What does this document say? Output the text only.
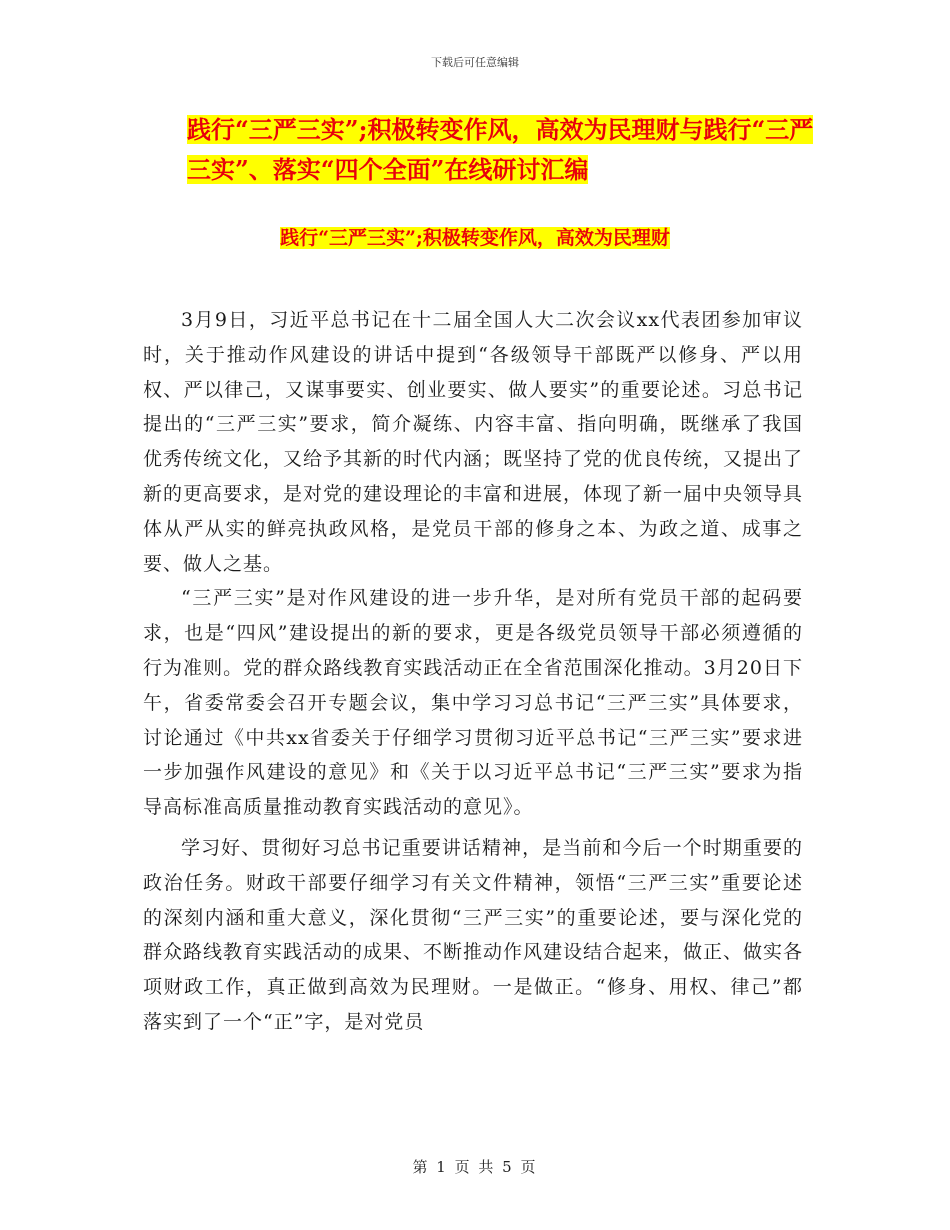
下载后可任意编辑
践行“三严三实”;积极转变作风，高效为民理财与践行“三严三实”、落实“四个全面”在线研讨汇编
践行“三严三实”;积极转变作风，高效为民理财

3月9日，习近平总书记在十二届全国人大二次会议xx代表团参加审议时，关于推动作风建设的讲话中提到“各级领导干部既严以修身、严以用权、严以律己，又谋事要实、创业要实、做人要实”的重要论述。习总书记提出的“三严三实”要求，简介凝练、内容丰富、指向明确，既继承了我国优秀传统文化，又给予其新的时代内涵；既坚持了党的优良传统，又提出了新的更高要求，是对党的建设理论的丰富和进展，体现了新一届中央领导具体从严从实的鲜亮执政风格，是党员干部的修身之本、为政之道、成事之要、做人之基。

“三严三实”是对作风建设的进一步升华，是对所有党员干部的起码要求，也是“四风”建设提出的新的要求，更是各级党员领导干部必须遵循的行为准则。党的群众路线教育实践活动正在全省范围深化推动。3月20日下午，省委常委会召开专题会议，集中学习习总书记“三严三实”具体要求，讨论通过《中共xx省委关于仔细学习贯彻习近平总书记“三严三实”要求进一步加强作风建设的意见》和《关于以习近平总书记“三严三实”要求为指导高标准高质量推动教育实践活动的意见》。

学习好、贯彻好习总书记重要讲话精神，是当前和今后一个时期重要的政治任务。财政干部要仔细学习有关文件精神，领悟“三严三实”重要论述的深刻内涵和重大意义，深化贯彻“三严三实”的重要论述，要与深化党的群众路线教育实践活动的成果、不断推动作风建设结合起来，做正、做实各项财政工作，真正做到高效为民理财。一是做正。“修身、用权、律己”都落实到了一个“正”字，是对党员

第 1 页 共 5 页
